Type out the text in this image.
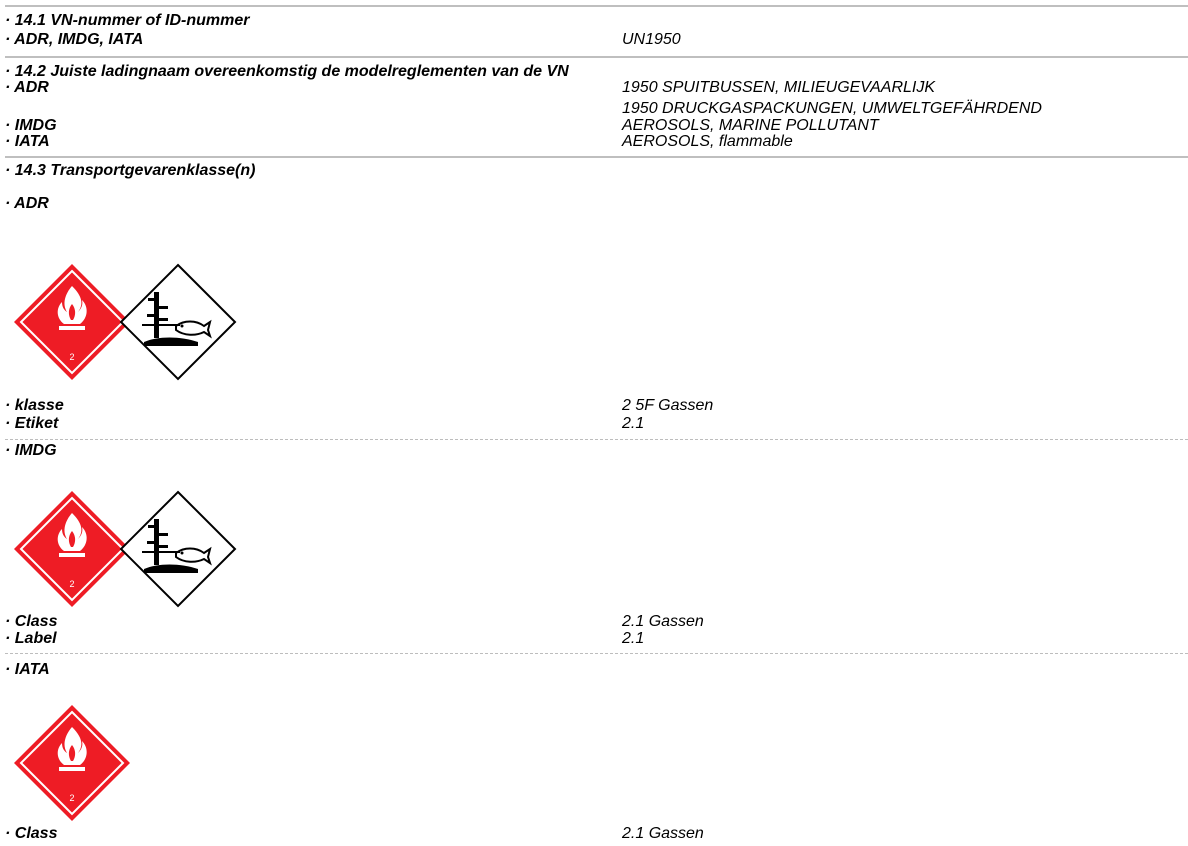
· 14.1 VN-nummer of ID-nummer
· ADR, IMDG, IATA	UN1950
· 14.2 Juiste ladingnaam overeenkomstig de modelreglementen van de VN
· ADR	1950 SPUITBUSSEN, MILIEUGEVAARLIJK
1950 DRUCKGASPACKUNGEN, UMWELTGEFÄHRDEND
· IMDG	AEROSOLS, MARINE POLLUTANT
· IATA	AEROSOLS, flammable
· 14.3 Transportgevarenklasse(n)
· ADR
· klasse	2 5F Gassen
· Etiket	2.1
· IMDG
· Class	2.1 Gassen
· Label	2.1
· IATA
· Class	2.1 Gassen
